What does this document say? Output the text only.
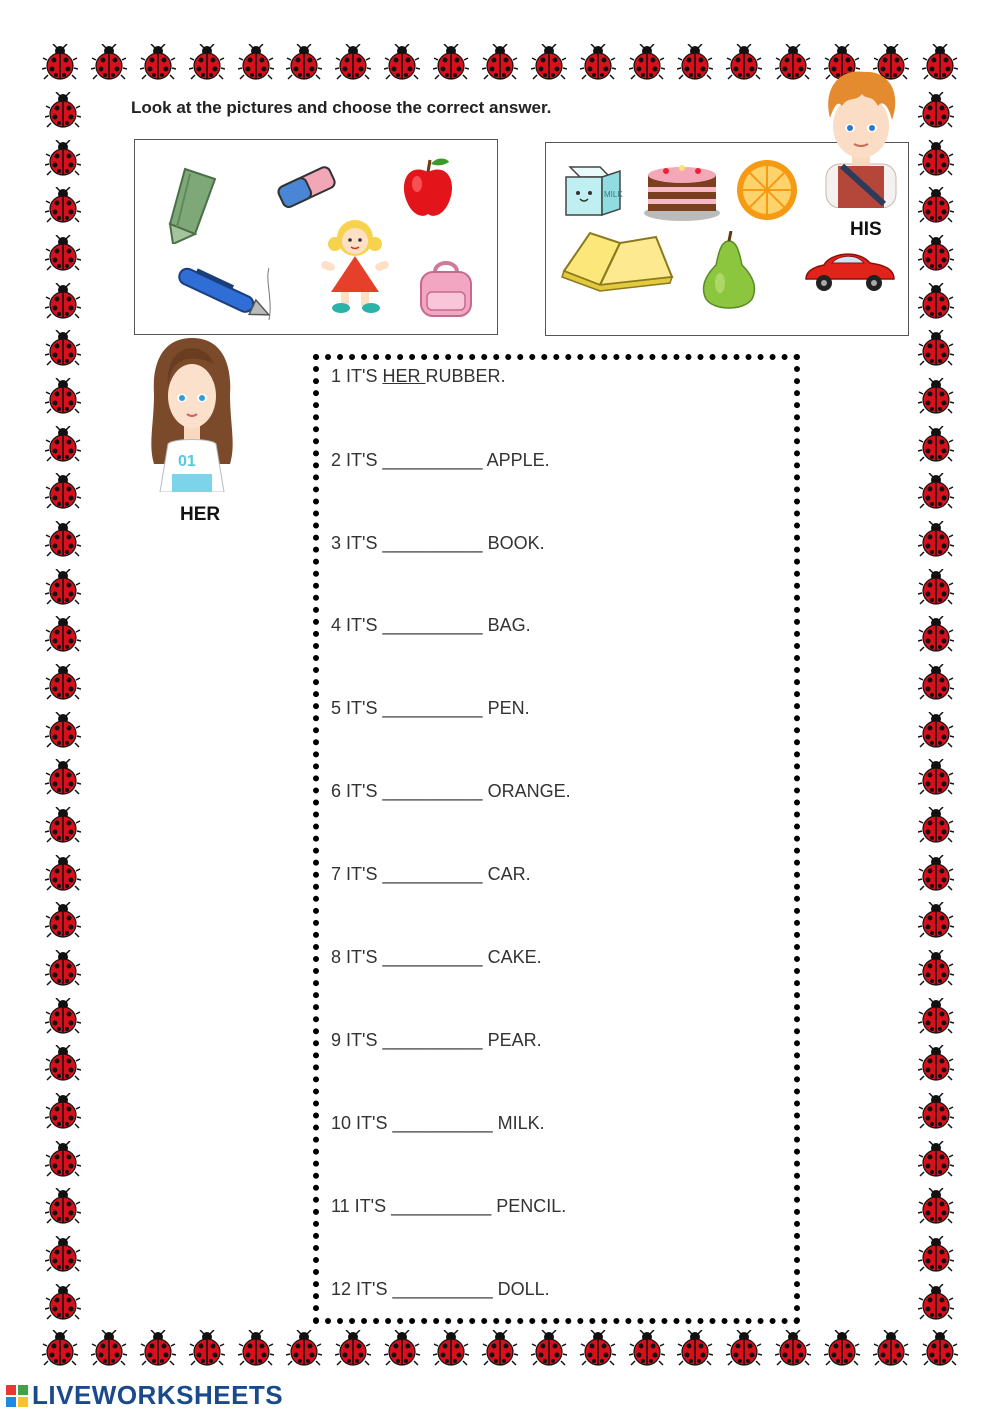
Look at the pictures and choose the correct answer.
MILK
HIS
01
HER
1 IT'S HER RUBBER.
2 IT'S __________ APPLE.
3 IT'S __________ BOOK.
4 IT'S __________ BAG.
5 IT'S __________ PEN.
6 IT'S __________ ORANGE.
7 IT'S __________ CAR.
8 IT'S __________ CAKE.
9 IT'S __________ PEAR.
10 IT'S __________ MILK.
11 IT'S __________ PENCIL.
12 IT'S __________ DOLL.
LIVEWORKSHEETS
